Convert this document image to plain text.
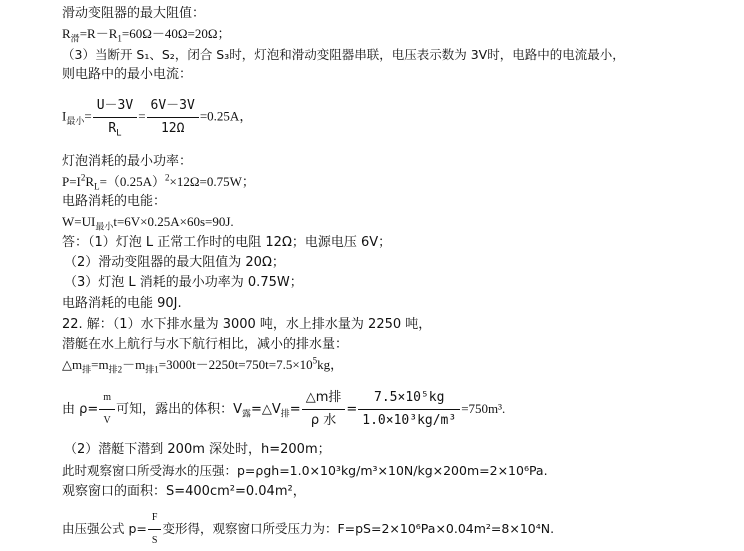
滑动变阻器的最大阻值：
$R_滑=R-R_1=60\Omega-40\Omega=20\Omega$；
（3）当断开 S₁、S₂，闭合 S₃时，灯泡和滑动变阻器串联，电压表示数为 3V时，电路中的电流最小，
则电路中的最小电流：
$I_{最小}= \frac{U-3V}{R_L} = \frac{6V-3V}{12\Omega} =0.25A$，
灯泡消耗的最小功率：
$P=I^2R_L=(0.25A)^2\times 12\Omega=0.75W$；
电路消耗的电能：
$W=UI_{最小}t=6V\times 0.25A\times 60s=90J$.
答：（1）灯泡 L 正常工作时的电阻 12Ω；电源电压 6V；
（2）滑动变阻器的最大阻值为 20Ω；
（3）灯泡 L 消耗的最小功率为 0.75W；
电路消耗的电能 90J.
22. 解：（1）水下排水量为 3000 吨，水上排水量为 2250 吨，
潜艇在水上航行与水下航行相比，减小的排水量：
$\triangle m_排=m_{排2}-m_{排1}=3000t-2250t=750t=7.5\times 10^5kg$，
由 $\rho= \frac{m}{V}$ 可知，露出的体积：$V_露=\triangle V_排= \frac{\text{△m排}}{\text{ρ 水}} = \frac{\text{7.5×10⁵kg}}{\text{1.0×10³kg/m³}} =750m^3$.
（2）潜艇下潜到 200m 深处时，h=200m；
此时观察窗口所受海水的压强：p=ρgh=1.0×10³kg/m³×10N/kg×200m=2×10⁶Pa.
观察窗口的面积：S=400cm²=0.04m²，
由压强公式 $p= \frac{F}{S}$ 变形得，观察窗口所受压力为：F=pS=2×10⁶Pa×0.04m²=8×10⁴N.
